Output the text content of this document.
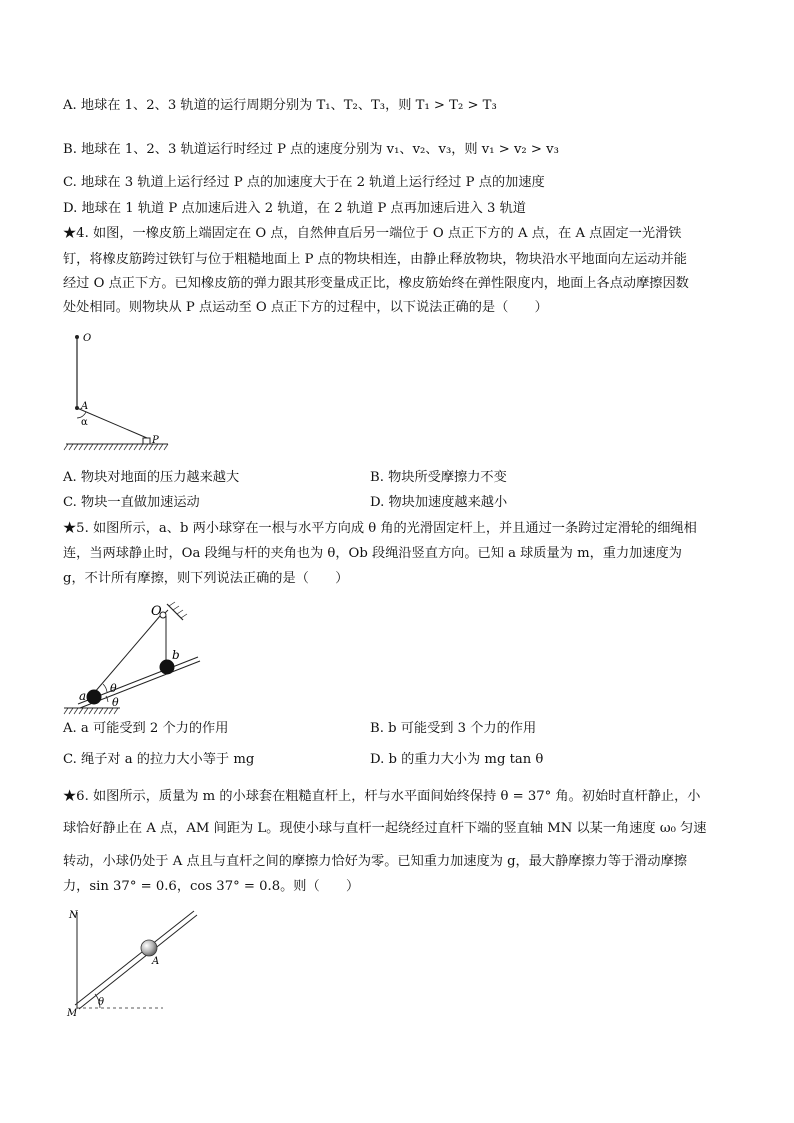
A. 地球在 1、2、3 轨道的运行周期分别为 T₁、T₂、T₃，则 T₁ > T₂ > T₃
B. 地球在 1、2、3 轨道运行时经过 P 点的速度分别为 v₁、v₂、v₃，则 v₁ > v₂ > v₃
C. 地球在 3 轨道上运行经过 P 点的加速度大于在 2 轨道上运行经过 P 点的加速度
D. 地球在 1 轨道 P 点加速后进入 2 轨道，在 2 轨道 P 点再加速后进入 3 轨道
★4. 如图，一橡皮筋上端固定在 O 点，自然伸直后另一端位于 O 点正下方的 A 点，在 A 点固定一光滑铁
钉，将橡皮筋跨过铁钉与位于粗糙地面上 P 点的物块相连，由静止释放物块，物块沿水平地面向左运动并能
经过 O 点正下方。已知橡皮筋的弹力跟其形变量成正比，橡皮筋始终在弹性限度内，地面上各点动摩擦因数
处处相同。则物块从 P 点运动至 O 点正下方的过程中，以下说法正确的是（　　）
O
A
α
P
A. 物块对地面的压力越来越大	B. 物块所受摩擦力不变
C. 物块一直做加速运动	D. 物块加速度越来越小
★5. 如图所示，a、b 两小球穿在一根与水平方向成 θ 角的光滑固定杆上，并且通过一条跨过定滑轮的细绳相
连，当两球静止时，Oa 段绳与杆的夹角也为 θ，Ob 段绳沿竖直方向。已知 a 球质量为 m，重力加速度为
g，不计所有摩擦，则下列说法正确的是（　　）
O
b
a
θ
θ
A. a 可能受到 2 个力的作用	B. b 可能受到 3 个力的作用
C. 绳子对 a 的拉力大小等于 mg	D. b 的重力大小为 mg tan θ
★6. 如图所示，质量为 m 的小球套在粗糙直杆上，杆与水平面间始终保持 θ = 37° 角。初始时直杆静止，小
球恰好静止在 A 点，AM 间距为 L。现使小球与直杆一起绕经过直杆下端的竖直轴 MN 以某一角速度 ω₀ 匀速
转动，小球仍处于 A 点且与直杆之间的摩擦力恰好为零。已知重力加速度为 g，最大静摩擦力等于滑动摩擦
力，sin 37° = 0.6，cos 37° = 0.8。则（　　）
N
M
A
θ
